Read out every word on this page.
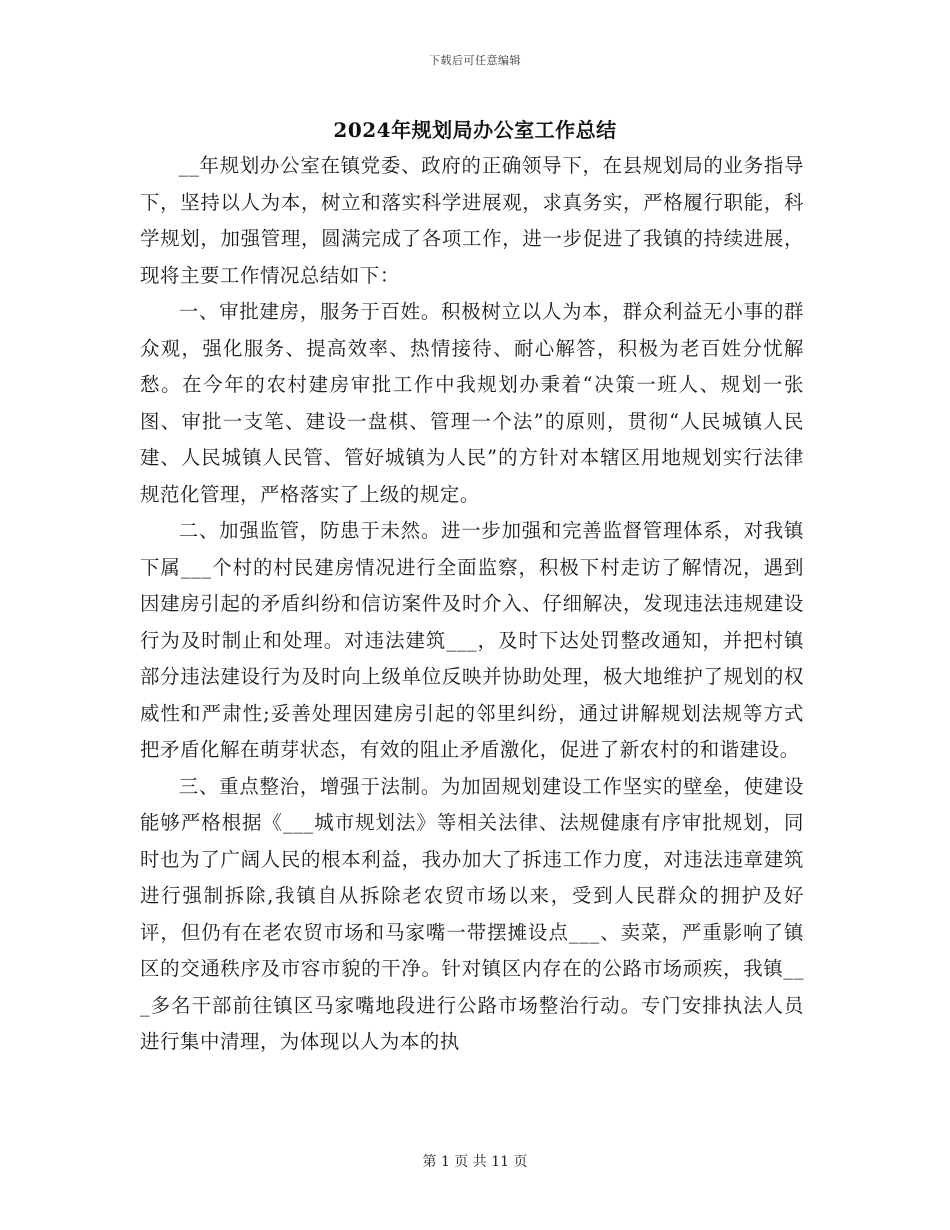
下载后可任意编辑
2024年规划局办公室工作总结

__年规划办公室在镇党委、政府的正确领导下，在县规划局的业务指导下，坚持以人为本，树立和落实科学进展观，求真务实，严格履行职能，科学规划，加强管理，圆满完成了各项工作，进一步促进了我镇的持续进展，现将主要工作情况总结如下：

一、审批建房，服务于百姓。积极树立以人为本，群众利益无小事的群众观，强化服务、提高效率、热情接待、耐心解答，积极为老百姓分忧解愁。在今年的农村建房审批工作中我规划办秉着“决策一班人、规划一张图、审批一支笔、建设一盘棋、管理一个法”的原则，贯彻“人民城镇人民建、人民城镇人民管、管好城镇为人民”的方针对本辖区用地规划实行法律规范化管理，严格落实了上级的规定。

二、加强监管，防患于未然。进一步加强和完善监督管理体系，对我镇下属___个村的村民建房情况进行全面监察，积极下村走访了解情况，遇到因建房引起的矛盾纠纷和信访案件及时介入、仔细解决，发现违法违规建设行为及时制止和处理。对违法建筑___，及时下达处罚整改通知，并把村镇部分违法建设行为及时向上级单位反映并协助处理，极大地维护了规划的权威性和严肃性;妥善处理因建房引起的邻里纠纷，通过讲解规划法规等方式把矛盾化解在萌芽状态，有效的阻止矛盾激化，促进了新农村的和谐建设。

三、重点整治，增强于法制。为加固规划建设工作坚实的壁垒，使建设能够严格根据《___城市规划法》等相关法律、法规健康有序审批规划，同时也为了广阔人民的根本利益，我办加大了拆违工作力度，对违法违章建筑进行强制拆除,我镇自从拆除老农贸市场以来，受到人民群众的拥护及好评，但仍有在老农贸市场和马家嘴一带摆摊设点___、卖菜，严重影响了镇区的交通秩序及市容市貌的干净。针对镇区内存在的公路市场顽疾，我镇___多名干部前往镇区马家嘴地段进行公路市场整治行动。专门安排执法人员进行集中清理，为体现以人为本的执

第 1 页 共 11 页
